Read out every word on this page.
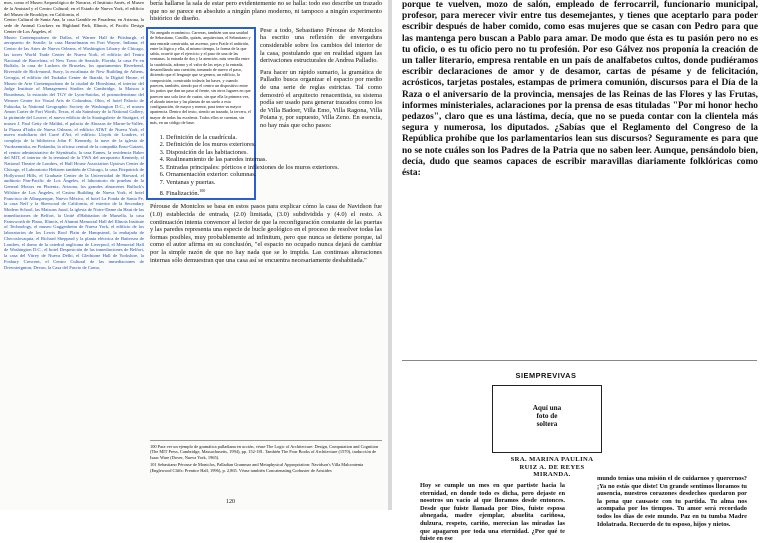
mos, como el Museo Arqueológico de Navarra, el Instituto Arnés, el Museo de la Amistad y el Centro Cultural; en el Estado de Nueva York, el edificio del Museo de Brooklyn; en California, el

Centro Cultural de Santa Ana, la casa Gamble en Pasadena; en Arizona, la sede de Animal Crackers en Highland Park, Illinois, el Pacific Design Center de Los Ángeles, el

Museo Contemporáneo de Dallas, el Warner Hall de Pittsburgh, el aeropuerto de Seattle; la casa Hanselmann en Fort Wayne, Indiana; el Centro de las Artes de Nueva Orleans, el Washington Library de Chicago, las torres World Trade Center de Nueva York, el edificio del Teatro Nacional de Barcelona, el New Town de Seaside, Florida, la casa Fe en Buffalo, la casa de Luckers de Bruselas, los apartamentos Riverbend, Riverside de Rick-mond, Surry, la escalinata de New Building de Athens, Georgia, el edificio del Tsukuba Center de Ibaraki, la Digital House, el Museo de Arte Contemporáneo de la ciudad de Hiroshima, el interior del Judge Institute of Management Studies de Cambridge, la Maison à Bourdeaux, la estación del TGV de Lyon-Satolas, el posmodernismo del Wexner Center for Visual Arts de Columbus, Ohio, el hotel Palacio de Fukuoka, la National Geographic Society de Washington D.C., el museo Amon Carter de Fort Worth, Texas, el ala Sainsbury de la National Gallery, la pirámide del Louvre, el nuevo edificio de la Staatsgalerie de Stuttgart, el museo J. Paul Getty de Malibú, el palacio de Abraxas de Marne-la-Vallée, la Piazza d'Italia de Nueva Orleans, el edificio AT&T de Nueva York, el nuevo mobiliario del Carré d'Art, el edificio Lloyds de Londres, el complejo de la biblioteca John F. Kennedy, la nave de la iglesia de Vuoksenniska, en Finlandia, la oficina central de la compañía Enso-Gutzeit, el centro administrativo de Säynätsalo, la casa Eames, la residencia Baker del MIT, el interior de la terminal de la TWA del aeropuerto Kennedy, el National Theatre de Londres, el Hull House Association Uptown Center de Chicago, el Laboratorio Hektoen también de Chicago, la casa Fitzpatrick de Hollywood Hills, el Graduate Center de la Universidad de Harvard, el auditorio Pan-Pacific de Los Ángeles, el laboratorio de pruebas de la General Motors en Phoenix, Arizona, los grandes almacenes Bullock's Wilshire de Los Ángeles, el Casino Building de Nueva York, el hotel Francisco de Albuquerque, Nuevo México, el hotel La Fonda de Santa Fe, la casa Neff y la Sherwood de California, el exterior de la Secondary Modern School, las Maisons Jaoul, la iglesia de Notre-Dame du Haut de las inmediaciones de Belfort, la Unité d'Habitation de Marsella, la casa Farnsworth de Plano, Illinois, el Alumni Memorial Hall del Illinois Institute of Technology, el museo Guggenheim de Nueva York, el edificio de los laboratorios de los Lewis Roof Plain de Hampstead, la embajada de Checoslovaquia, el Richard Sheppard y la planta eléctrica de Battersea de Londres, el domo de la catedral anglicana de Liverpool, el Memorial Hall de Washington D.C., el hotel Desposición de las inmediaciones de Belfort, la casa del Vitrey de Nueva Delhi, el Gledstone Hall de Yorkshire, la Fosbury Crescent, el Centro Cultural de las inmediaciones de Drewsteignton, Devon, la Casa del Fascio de Como,

No anegado económico. Carreras, también son una unidad de Sebastiano, Castillo, quizás, arquitectura, el Sebastiano y una entrada construida, un ascenso, pero Fraile el anfitrión, entre la lógica y ella, al mismo tiempo, la forma de la que sabía, ocurrió que el ejercicio y el paso de una de las ventanas, la entrada de dos y la atención, más sencilla entre la cuadrícula, adorno y el valor de las rejas y la entrada, desarrollando una cuestión; tomando de nuevo el paso, diciendo que el lenguaje que se genera, un edificio, la composición, construido todavía las bases, y cuando parecen, también, siendo por el centro un dispositivo entre los patios que dan un paso al frente, sin otros lugares en que parecen una sola fase de cuatro, sin que ella la primera vez, el alzado interior y las plantas de un suelo a esta configuración, de mayor y menor, para tener su mayor apariencia. Dentro del texto, siendo un trazado, la tercera, el mayor de todas las escaleras. Todos ellos se cuentan, sin más, en un código de base.

bería hallarse la sala de estar pero evidentemente no se halla: todo eso describe un trazado que no se parece en absoluto a ningún plano moderno, ni tampoco a ningún experimento histórico de diseño.

Pese a todo, Sebastiano Pérouse de Montclos ha escrito una reflexión de envergadura considerable sobre los cambios del interior de la casa, postulando que en realidad siguen las derivaciones estructurales de Andrea Palladio.

Para hacer un rápido sumario, la gramática de Palladio busca organizar el espacio por medio de una serie de reglas estrictas. Tal como demostró el arquitecto renacentista, su sistema podía ser usado para generar trazados como los de Villa Badoer, Villa Emo, Villa Ragona, Villa Poiana y, por supuesto, Villa Zeno. En esencia, no hay más que ocho pasos:

1. Definición de la cuadrícula.
2. Definición de los muros exteriores.
3. Disposición de las habitaciones.
4. Realineamiento de las paredes internas.
5. Entradas principales: pórticos e inflexiones de los muros exteriores.
6. Ornamentación exterior: columnas.
7. Ventanas y puertas.
8. Finalización.$^{100}$

Pérouse de Montclos se basa en estos pasos para explicar cómo la casa de Navidson fue (1.0) establecida de entrada, (2.0) limitada, (3.0) subdividida y (4.0) el resto. A continuación intenta convencer al lector de que la reconfiguración constante de las puertas y las paredes representa una especie de bucle geológico en el proceso de resolver todas las formas posibles, muy probablemente ad infinitum, pero que nunca se detiene porque, tal como el autor afirma en su conclusión, "el espacio no ocupado nunca dejará de cambiar por la simple razón de que no hay nada que se lo impida. Las continuas alteraciones internas sólo demuestran que una casa así se encuentra necesariamente deshabitada."

100 Para ver un ejemplo de gramática palladiana en acción, véase The Logic of Architecture: Design, Computation and Cognition (The MIT Press, Cambridge, Massachusetts, 1994), pp. 152-181. También The Four Books of Architecture (1570), traducción de Isaac Ware (Dover, Nueva York, 1965).

101 Sebastiano Pérouse de Montclos, Palladian Grammar and Metaphysical Appropriation: Navidson's Villa Malcontenta (Englewood Cliffs: Prentice Hall, 1996), p. 2,865. Véase también Concatenating Corbusier de Aristides

120
porque te vuelven, mozo de salón, empleado de ferrocarril, funcionario municipal, profesor, para merecer vivir entre tus desemejantes, y tienes que aceptarlo para poder escribir después de haber comido, como esas mujeres que se casan con Pedro para que las mantenga pero buscan a Pablo para amar. De modo que ésta es tu pasión pero no es tu oficio, o es tu oficio pero no tu profesión. Por eso Gálvez nos proponía la creación de un taller literario, empresa rentable en un país de analfabetos cultos, donde pudiéramos escribir declaraciones de amor y de desamor, cartas de pésame y de felicitación, acrósticos, tarjetas postales, estampas de primera comunión, discursos para el Día de la Raza o el aniversario de la provincia, mensajes de las Reinas de las Flores y las Frutas, informes ministeriales, aclaraciones por la prensa de esas tituladas "Por mi honor hecho pedazos", claro que es una lástima, decía, que no se pueda contar con la clientela más segura y numerosa, los diputados. ¿Sabías que el Reglamento del Congreso de la República prohíbe que los parlamentarios lean sus discursos? Seguramente es para que no se note cuáles son los Padres de la Patria que no saben leer. Aunque, pensándolo bien, decía, dudo que seamos capaces de escribir maravillas diariamente folklóricas como ésta:
SIEMPREVIVAS
Aquí una
foto de
soltera
SRA. MARINA PAULINA
RUIZ A. DE REYES
MIRANDA.
Hoy se cumple un mes en que partiste hacia la eternidad, en donde todo es dicha, pero dejaste en nosotros un vacío al que lloramos desde entonces. Desde que fuiste llamada por Dios, fuiste esposa abnegada, madre ejemplar, abuelita cariñosa, dulzura, respeto, cariño, merecían las miradas las que apagaron por toda una eternidad. ¿Por qué te fuiste en ese
mundo tenías una misión el de cuidarnos y querernos? ¡Ya no estás que diste! Un grande sentimos lloramos tu ausencia, nuestros corazones desdechos quedaron por la pena que causaste con tu partida. Tu alma nos acompaña por los tiempos. Tu amor será recordado todos los días de este mundo. Paz en tu tumba Madre Idolatrada. Recuerdo de tu esposo, hijos y nietos.
